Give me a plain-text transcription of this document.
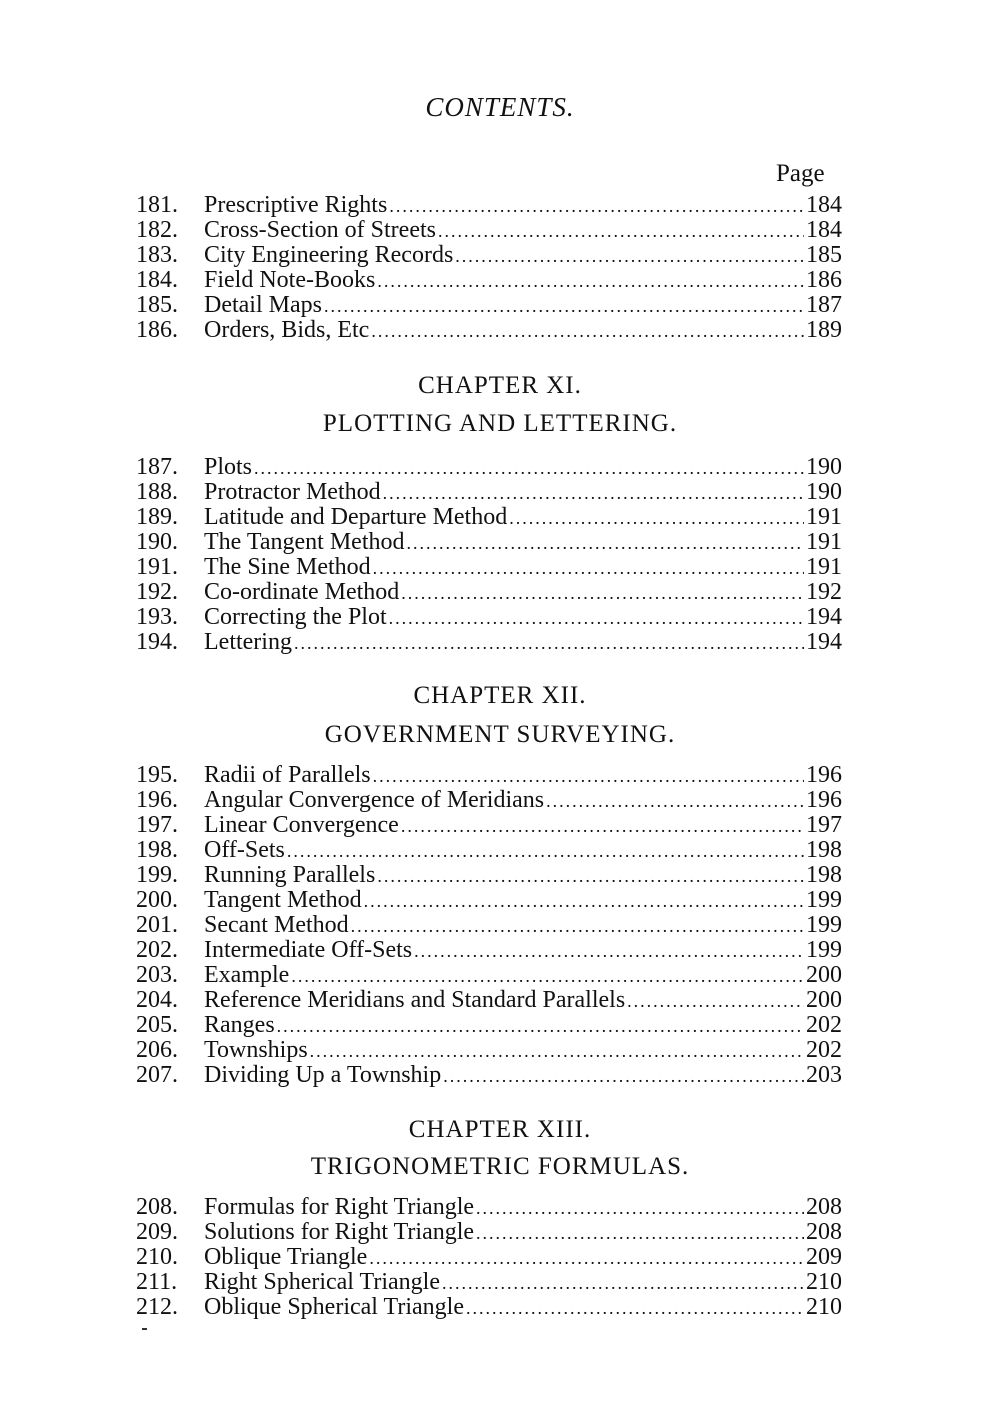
CONTENTS.
Page
181.	Prescriptive Rights .....	184
182.	Cross-Section of Streets .....	184
183.	City Engineering Records .....	185
184.	Field Note-Books .....	186
185.	Detail Maps .....	187
186.	Orders, Bids, Etc .....	189
CHAPTER XI.
PLOTTING AND LETTERING.
187.	Plots .....	190
188.	Protractor Method .....	190
189.	Latitude and Departure Method .....	191
190.	The Tangent Method .....	191
191.	The Sine Method .....	191
192.	Co-ordinate Method .....	192
193.	Correcting the Plot .....	194
194.	Lettering .....	194
CHAPTER XII.
GOVERNMENT SURVEYING.
195.	Radii of Parallels .....	196
196.	Angular Convergence of Meridians .....	196
197.	Linear Convergence .....	197
198.	Off-Sets .....	198
199.	Running Parallels .....	198
200.	Tangent Method .....	199
201.	Secant Method .....	199
202.	Intermediate Off-Sets .....	199
203.	Example .....	200
204.	Reference Meridians and Standard Parallels .....	200
205.	Ranges .....	202
206.	Townships .....	202
207.	Dividing Up a Township .....	203
CHAPTER XIII.
TRIGONOMETRIC FORMULAS.
208.	Formulas for Right Triangle .....	208
209.	Solutions for Right Triangle .....	208
210.	Oblique Triangle .....	209
211.	Right Spherical Triangle .....	210
212.	Oblique Spherical Triangle .....	210
